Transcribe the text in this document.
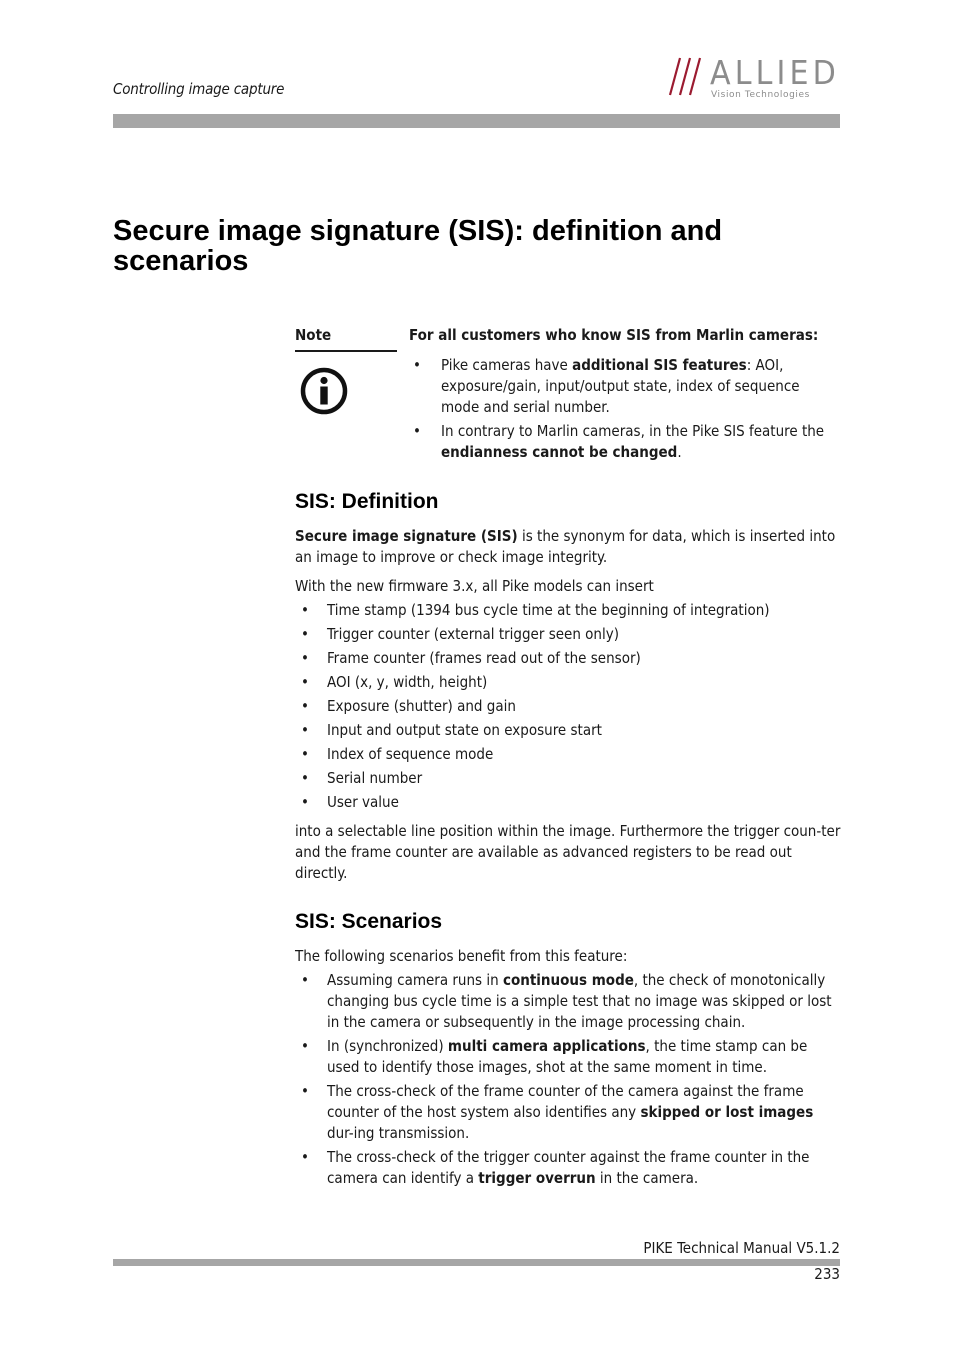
Controlling image capture	ALLIED
Vision Technologies
Secure image signature (SIS): definition and scenarios
Note	For all customers who know SIS from Marlin cameras:
• Pike cameras have additional SIS features: AOI, exposure/gain, input/output state, index of sequence mode and serial number.
• In contrary to Marlin cameras, in the Pike SIS feature the endianness cannot be changed.
SIS: Definition

Secure image signature (SIS) is the synonym for data, which is inserted into an image to improve or check image integrity.

With the new firmware 3.x, all Pike models can insert

• Time stamp (1394 bus cycle time at the beginning of integration)
• Trigger counter (external trigger seen only)
• Frame counter (frames read out of the sensor)
• AOI (x, y, width, height)
• Exposure (shutter) and gain
• Input and output state on exposure start
• Index of sequence mode
• Serial number
• User value

into a selectable line position within the image. Furthermore the trigger coun-ter and the frame counter are available as advanced registers to be read out directly.

SIS: Scenarios

The following scenarios benefit from this feature:

• Assuming camera runs in continuous mode, the check of monotonically changing bus cycle time is a simple test that no image was skipped or lost in the camera or subsequently in the image processing chain.
• In (synchronized) multi camera applications, the time stamp can be used to identify those images, shot at the same moment in time.
• The cross-check of the frame counter of the camera against the frame counter of the host system also identifies any skipped or lost images dur-ing transmission.
• The cross-check of the trigger counter against the frame counter in the camera can identify a trigger overrun in the camera.
PIKE Technical Manual V5.1.2
233
